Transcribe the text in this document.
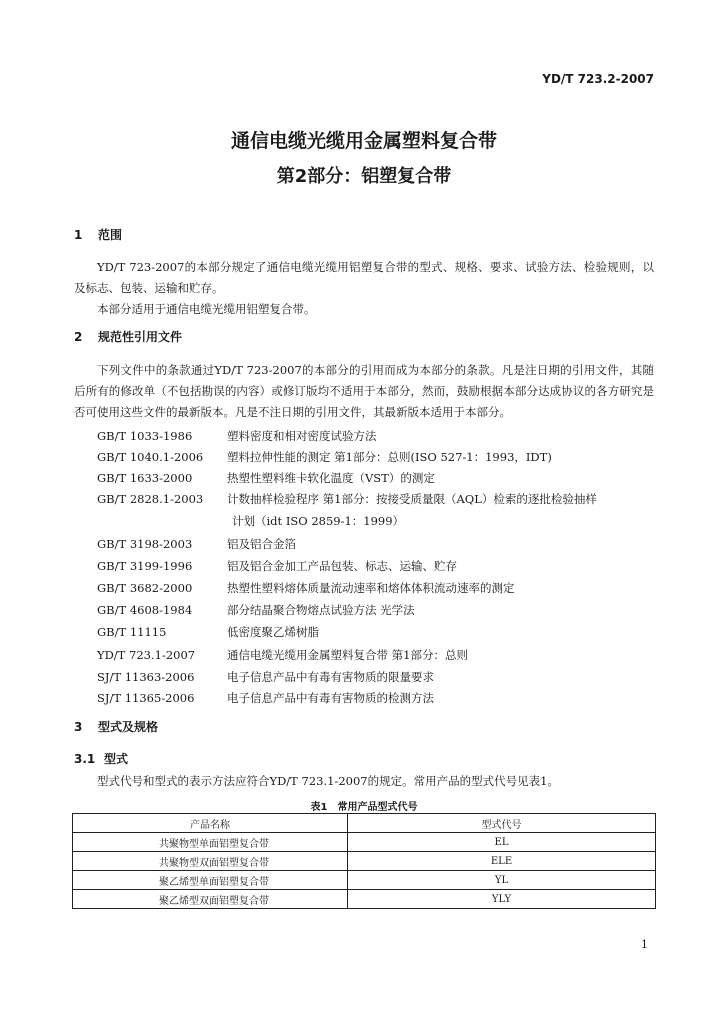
YD/T 723.2-2007
通信电缆光缆用金属塑料复合带
第2部分：铝塑复合带
1 范围
YD/T 723-2007的本部分规定了通信电缆光缆用铝塑复合带的型式、规格、要求、试验方法、检验规则，以及标志、包装、运输和贮存。
本部分适用于通信电缆光缆用铝塑复合带。
2 规范性引用文件
下列文件中的条款通过YD/T 723-2007的本部分的引用而成为本部分的条款。凡是注日期的引用文件，其随后所有的修改单（不包括勘误的内容）或修订版均不适用于本部分，然而，鼓励根据本部分达成协议的各方研究是否可使用这些文件的最新版本。凡是不注日期的引用文件，其最新版本适用于本部分。
GB/T 1033-1986	塑料密度和相对密度试验方法
GB/T 1040.1-2006 塑料拉伸性能的测定 第1部分：总则(ISO 527-1：1993，IDT)
GB/T 1633-2000	热塑性塑料维卡软化温度（VST）的测定
GB/T 2828.1-2003 计数抽样检验程序 第1部分：按接受质量限（AQL）检索的逐批检验抽样
计划（idt ISO 2859-1：1999）
GB/T 3198-2003	铝及铝合金箔
GB/T 3199-1996	铝及铝合金加工产品包装、标志、运输、贮存
GB/T 3682-2000	热塑性塑料熔体质量流动速率和熔体体积流动速率的测定
GB/T 4608-1984	部分结晶聚合物熔点试验方法 光学法
GB/T 11115	低密度聚乙烯树脂
YD/T 723.1-2007	通信电缆光缆用金属塑料复合带 第1部分：总则
SJ/T 11363-2006	电子信息产品中有毒有害物质的限量要求
SJ/T 11365-2006	电子信息产品中有毒有害物质的检测方法
3 型式及规格
3.1 型式
型式代号和型式的表示方法应符合YD/T 723.1-2007的规定。常用产品的型式代号见表1。
表1　常用产品型式代号
产品名称	型式代号
共聚物型单面铝塑复合带	EL
共聚物型双面铝塑复合带	ELE
聚乙烯型单面铝塑复合带	YL
聚乙烯型双面铝塑复合带	YLY
1
